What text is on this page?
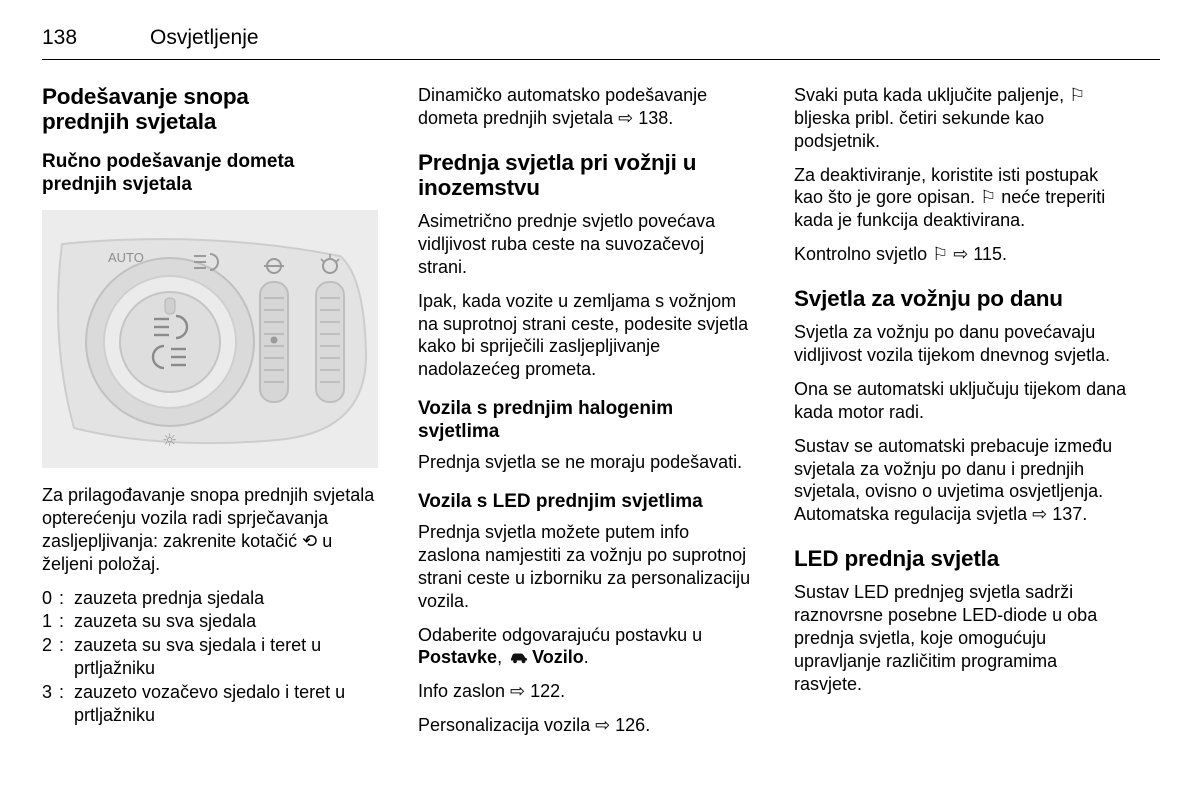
138	Osvjetljenje
Podešavanje snopa prednjih svjetala
Ručno podešavanje dometa prednjih svjetala
AUTO
☼

Za prilagođavanje snopa prednjih svjetala opterećenju vozila radi sprječavanja zasljepljivanja: zakrenite kotačić ⟲ u željeni položaj.

0 : zauzeta prednja sjedala
1 : zauzeta su sva sjedala
2 : zauzeta su sva sjedala i teret u prtljažniku
3 : zauzeto vozačevo sjedalo i teret u prtljažniku

Dinamičko automatsko podešavanje dometa prednjih svjetala ⇨ 138.

Prednja svjetla pri vožnji u inozemstvu

Asimetrično prednje svjetlo povećava vidljivost ruba ceste na suvozačevoj strani.

Ipak, kada vozite u zemljama s vožnjom na suprotnoj strani ceste, podesite svjetla kako bi spriječili zasljepljivanje nadolazećeg prometa.

Vozila s prednjim halogenim svjetlima

Prednja svjetla se ne moraju podešavati.

Vozila s LED prednjim svjetlima

Prednja svjetla možete putem info zaslona namjestiti za vožnju po suprotnoj strani ceste u izborniku za personalizaciju vozila.

Odaberite odgovarajuću postavku u Postavke, Vozilo.

Info zaslon ⇨ 122.

Personalizacija vozila ⇨ 126.

Svaki puta kada uključite paljenje, ⚐ bljeska pribl. četiri sekunde kao podsjetnik.

Za deaktiviranje, koristite isti postupak kao što je gore opisan. ⚐ neće treperiti kada je funkcija deaktivirana.

Kontrolno svjetlo ⚐ ⇨ 115.

Svjetla za vožnju po danu

Svjetla za vožnju po danu povećavaju vidljivost vozila tijekom dnevnog svjetla.

Ona se automatski uključuju tijekom dana kada motor radi.

Sustav se automatski prebacuje između svjetala za vožnju po danu i prednjih svjetala, ovisno o uvjetima osvjetljenja. Automatska regulacija svjetla ⇨ 137.

LED prednja svjetla

Sustav LED prednjeg svjetla sadrži raznovrsne posebne LED-diode u oba prednja svjetla, koje omogućuju upravljanje različitim programima rasvjete.
